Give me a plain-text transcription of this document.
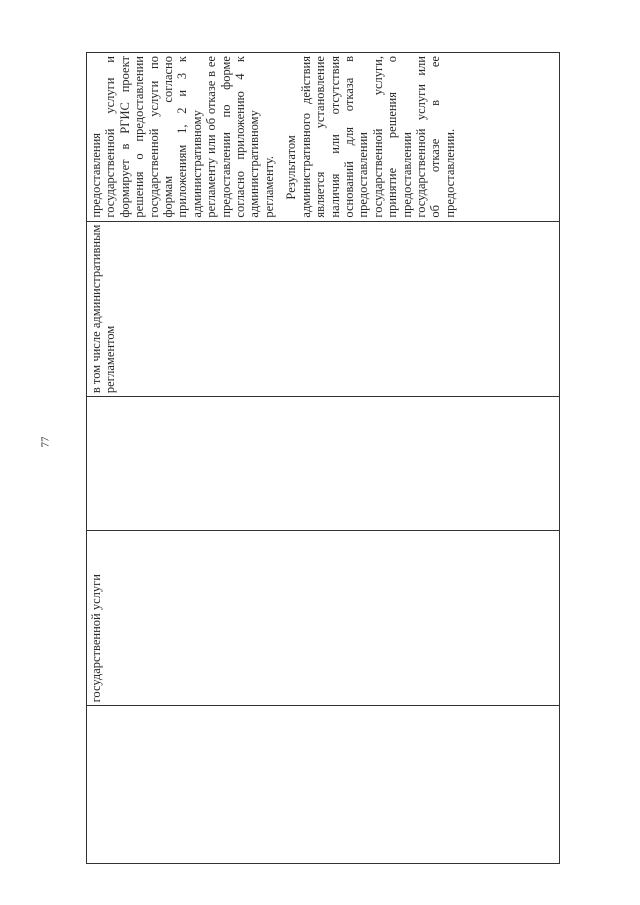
77

государственной услуги

в том числе административным регламентом

предоставления государственной услуги и формирует в РГИС проект решения о предоставлении государственной услуги по формам согласно приложениям 1, 2 и 3 к административному регламенту или об отказе в ее предоставлении по форме согласно приложению 4 к административному регламенту. Результатом административного действия является установление наличия или отсутствия оснований для отказа в предоставлении государственной услуги, принятие решения о предоставлении государственной услуги или об отказе в ее предоставлении.
